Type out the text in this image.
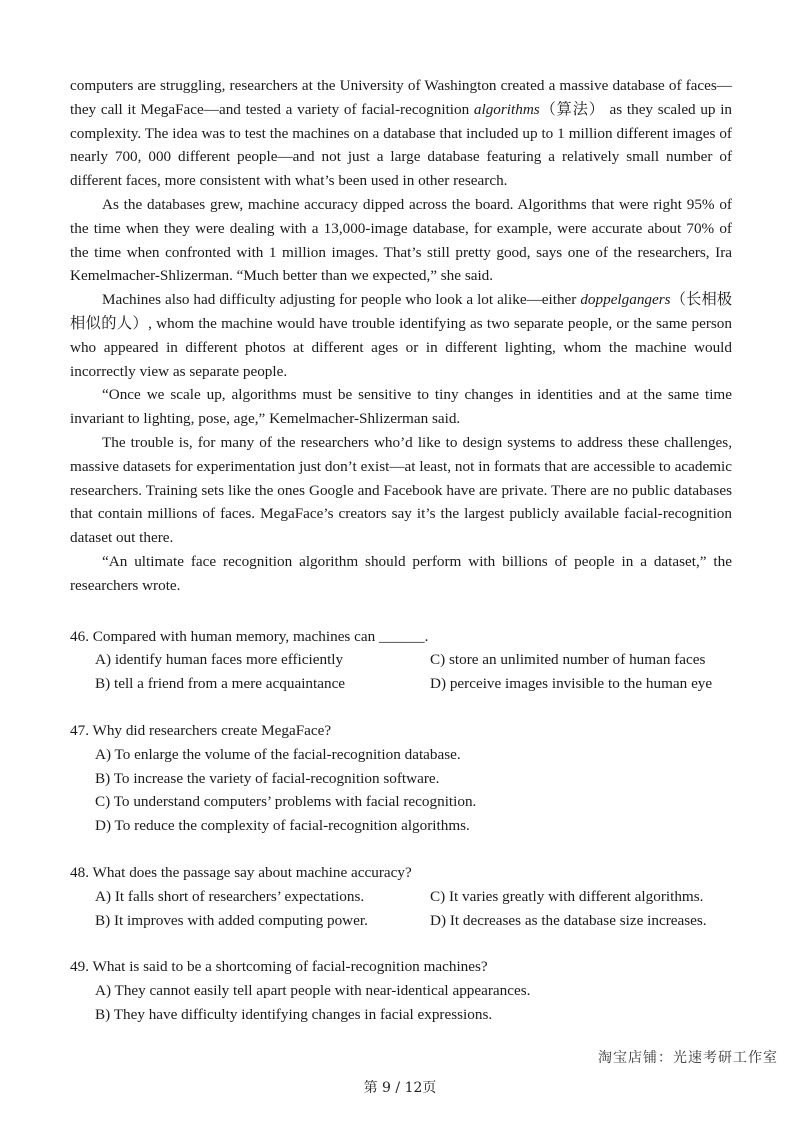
computers are struggling, researchers at the University of Washington created a massive database of faces—they call it MegaFace—and tested a variety of facial-recognition algorithms（算法） as they scaled up in complexity. The idea was to test the machines on a database that included up to 1 million different images of nearly 700, 000 different people—and not just a large database featuring a relatively small number of different faces, more consistent with what’s been used in other research.

As the databases grew, machine accuracy dipped across the board. Algorithms that were right 95% of the time when they were dealing with a 13,000-image database, for example, were accurate about 70% of the time when confronted with 1 million images. That’s still pretty good, says one of the researchers, Ira Kemelmacher-Shlizerman. “Much better than we expected,” she said.

Machines also had difficulty adjusting for people who look a lot alike—either doppelgangers（长相极相似的人）, whom the machine would have trouble identifying as two separate people, or the same person who appeared in different photos at different ages or in different lighting, whom the machine would incorrectly view as separate people.

“Once we scale up, algorithms must be sensitive to tiny changes in identities and at the same time invariant to lighting, pose, age,” Kemelmacher-Shlizerman said.

The trouble is, for many of the researchers who’d like to design systems to address these challenges, massive datasets for experimentation just don’t exist—at least, not in formats that are accessible to academic researchers. Training sets like the ones Google and Facebook have are private. There are no public databases that contain millions of faces. MegaFace’s creators say it’s the largest publicly available facial-recognition dataset out there.

“An ultimate face recognition algorithm should perform with billions of people in a dataset,” the researchers wrote.

46. Compared with human memory, machines can ______.
A) identify human faces more efficiently	C) store an unlimited number of human faces
B) tell a friend from a mere acquaintance	D) perceive images invisible to the human eye
47. Why did researchers create MegaFace?
A) To enlarge the volume of the facial-recognition database.
B) To increase the variety of facial-recognition software.
C) To understand computers’ problems with facial recognition.
D) To reduce the complexity of facial-recognition algorithms.
48. What does the passage say about machine accuracy?
A) It falls short of researchers’ expectations.	C) It varies greatly with different algorithms.
B) It improves with added computing power.	D) It decreases as the database size increases.
49. What is said to be a shortcoming of facial-recognition machines?
A) They cannot easily tell apart people with near-identical appearances.
B) They have difficulty identifying changes in facial expressions.
淘宝店铺：光速考研工作室
第 9 / 12页
